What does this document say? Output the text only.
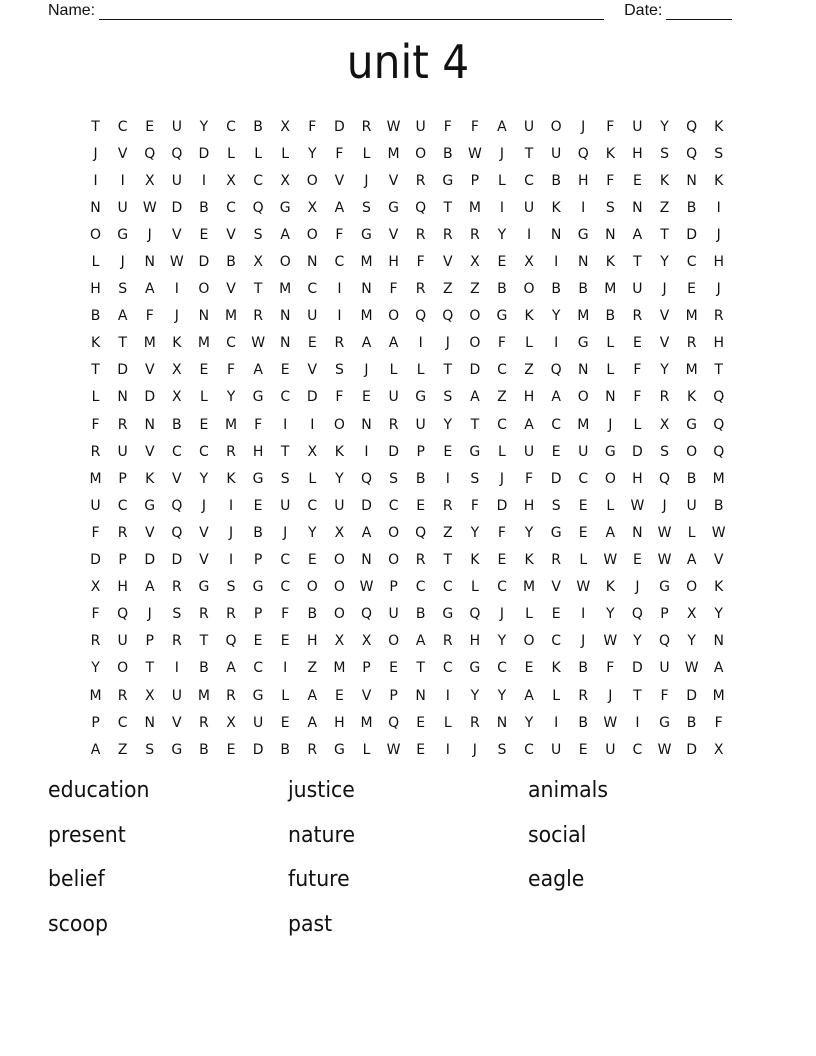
Name:	Date:
unit 4
T	C	E	U	Y	C	B	X	F	D	R	W	U	F	F	A	U	O	J	F	U	Y	Q	K
J	V	Q	Q	D	L	L	L	Y	F	L	M	O	B	W	J	T	U	Q	K	H	S	Q	S
I	I	X	U	I	X	C	X	O	V	J	V	R	G	P	L	C	B	H	F	E	K	N	K
N	U	W	D	B	C	Q	G	X	A	S	G	Q	T	M	I	U	K	I	S	N	Z	B	I
O	G	J	V	E	V	S	A	O	F	G	V	R	R	R	Y	I	N	G	N	A	T	D	J
L	J	N	W	D	B	X	O	N	C	M	H	F	V	X	E	X	I	N	K	T	Y	C	H
H	S	A	I	O	V	T	M	C	I	N	F	R	Z	Z	B	O	B	B	M	U	J	E	J
B	A	F	J	N	M	R	N	U	I	M	O	Q	Q	O	G	K	Y	M	B	R	V	M	R
K	T	M	K	M	C	W	N	E	R	A	A	I	J	O	F	L	I	G	L	E	V	R	H
T	D	V	X	E	F	A	E	V	S	J	L	L	T	D	C	Z	Q	N	L	F	Y	M	T
L	N	D	X	L	Y	G	C	D	F	E	U	G	S	A	Z	H	A	O	N	F	R	K	Q
F	R	N	B	E	M	F	I	I	O	N	R	U	Y	T	C	A	C	M	J	L	X	G	Q
R	U	V	C	C	R	H	T	X	K	I	D	P	E	G	L	U	E	U	G	D	S	O	Q
M	P	K	V	Y	K	G	S	L	Y	Q	S	B	I	S	J	F	D	C	O	H	Q	B	M
U	C	G	Q	J	I	E	U	C	U	D	C	E	R	F	D	H	S	E	L	W	J	U	B
F	R	V	Q	V	J	B	J	Y	X	A	O	Q	Z	Y	F	Y	G	E	A	N	W	L	W
D	P	D	D	V	I	P	C	E	O	N	O	R	T	K	E	K	R	L	W	E	W	A	V
X	H	A	R	G	S	G	C	O	O	W	P	C	C	L	C	M	V	W	K	J	G	O	K
F	Q	J	S	R	R	P	F	B	O	Q	U	B	G	Q	J	L	E	I	Y	Q	P	X	Y
R	U	P	R	T	Q	E	E	H	X	X	O	A	R	H	Y	O	C	J	W	Y	Q	Y	N
Y	O	T	I	B	A	C	I	Z	M	P	E	T	C	G	C	E	K	B	F	D	U	W	A
M	R	X	U	M	R	G	L	A	E	V	P	N	I	Y	Y	A	L	R	J	T	F	D	M
P	C	N	V	R	X	U	E	A	H	M	Q	E	L	R	N	Y	I	B	W	I	G	B	F
A	Z	S	G	B	E	D	B	R	G	L	W	E	I	J	S	C	U	E	U	C	W	D	X
education	justice	animals
present	nature	social
belief	future	eagle
scoop	past
